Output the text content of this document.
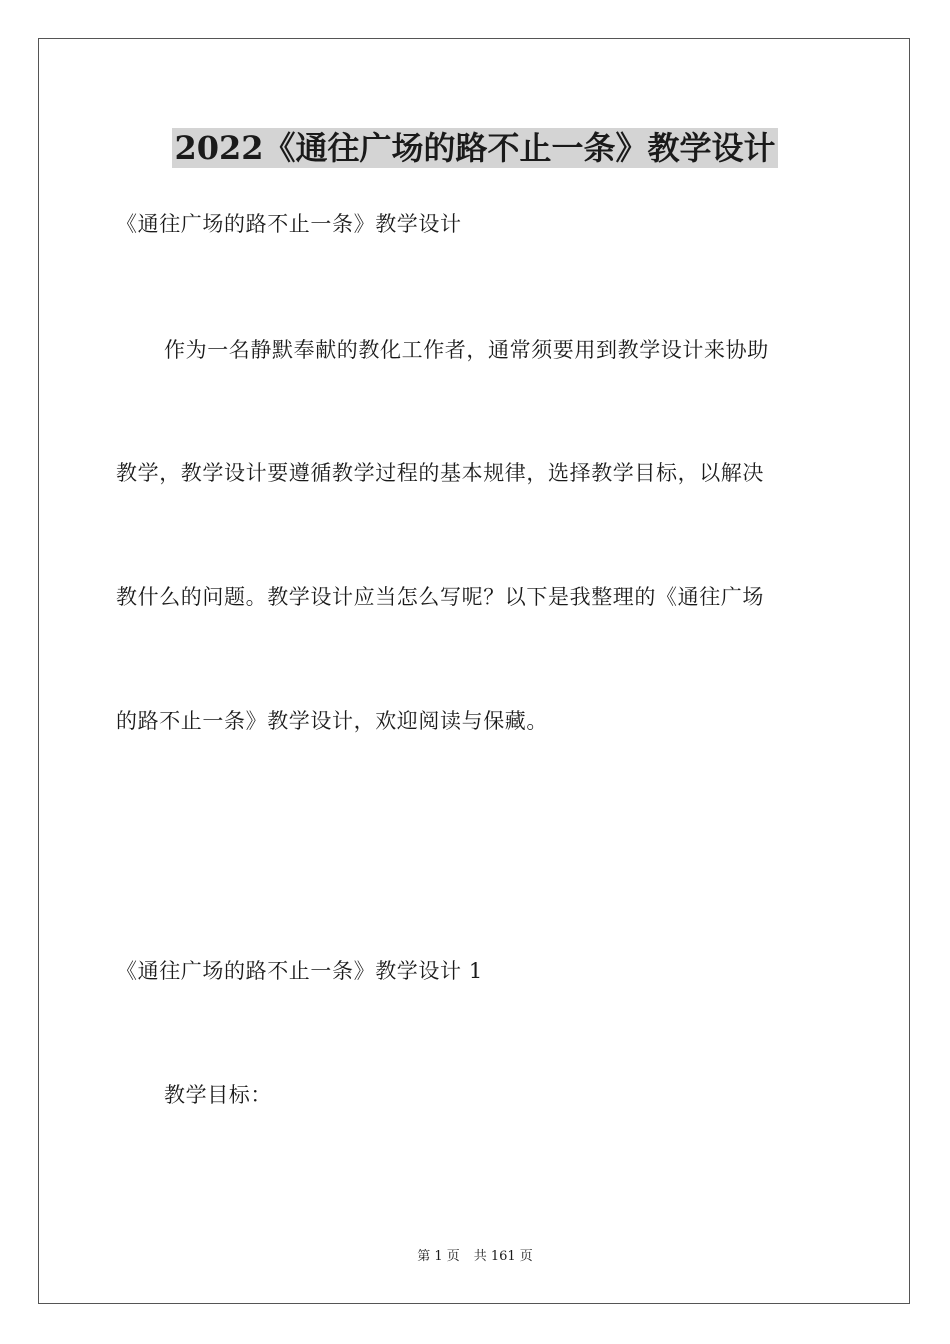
2022《通往广场的路不止一条》教学设计
《通往广场的路不止一条》教学设计
作为一名静默奉献的教化工作者，通常须要用到教学设计来协助
教学，教学设计要遵循教学过程的基本规律，选择教学目标，以解决
教什么的问题。教学设计应当怎么写呢？以下是我整理的《通往广场
的路不止一条》教学设计，欢迎阅读与保藏。
《通往广场的路不止一条》教学设计 1
教学目标：
第 1 页 共 161 页
